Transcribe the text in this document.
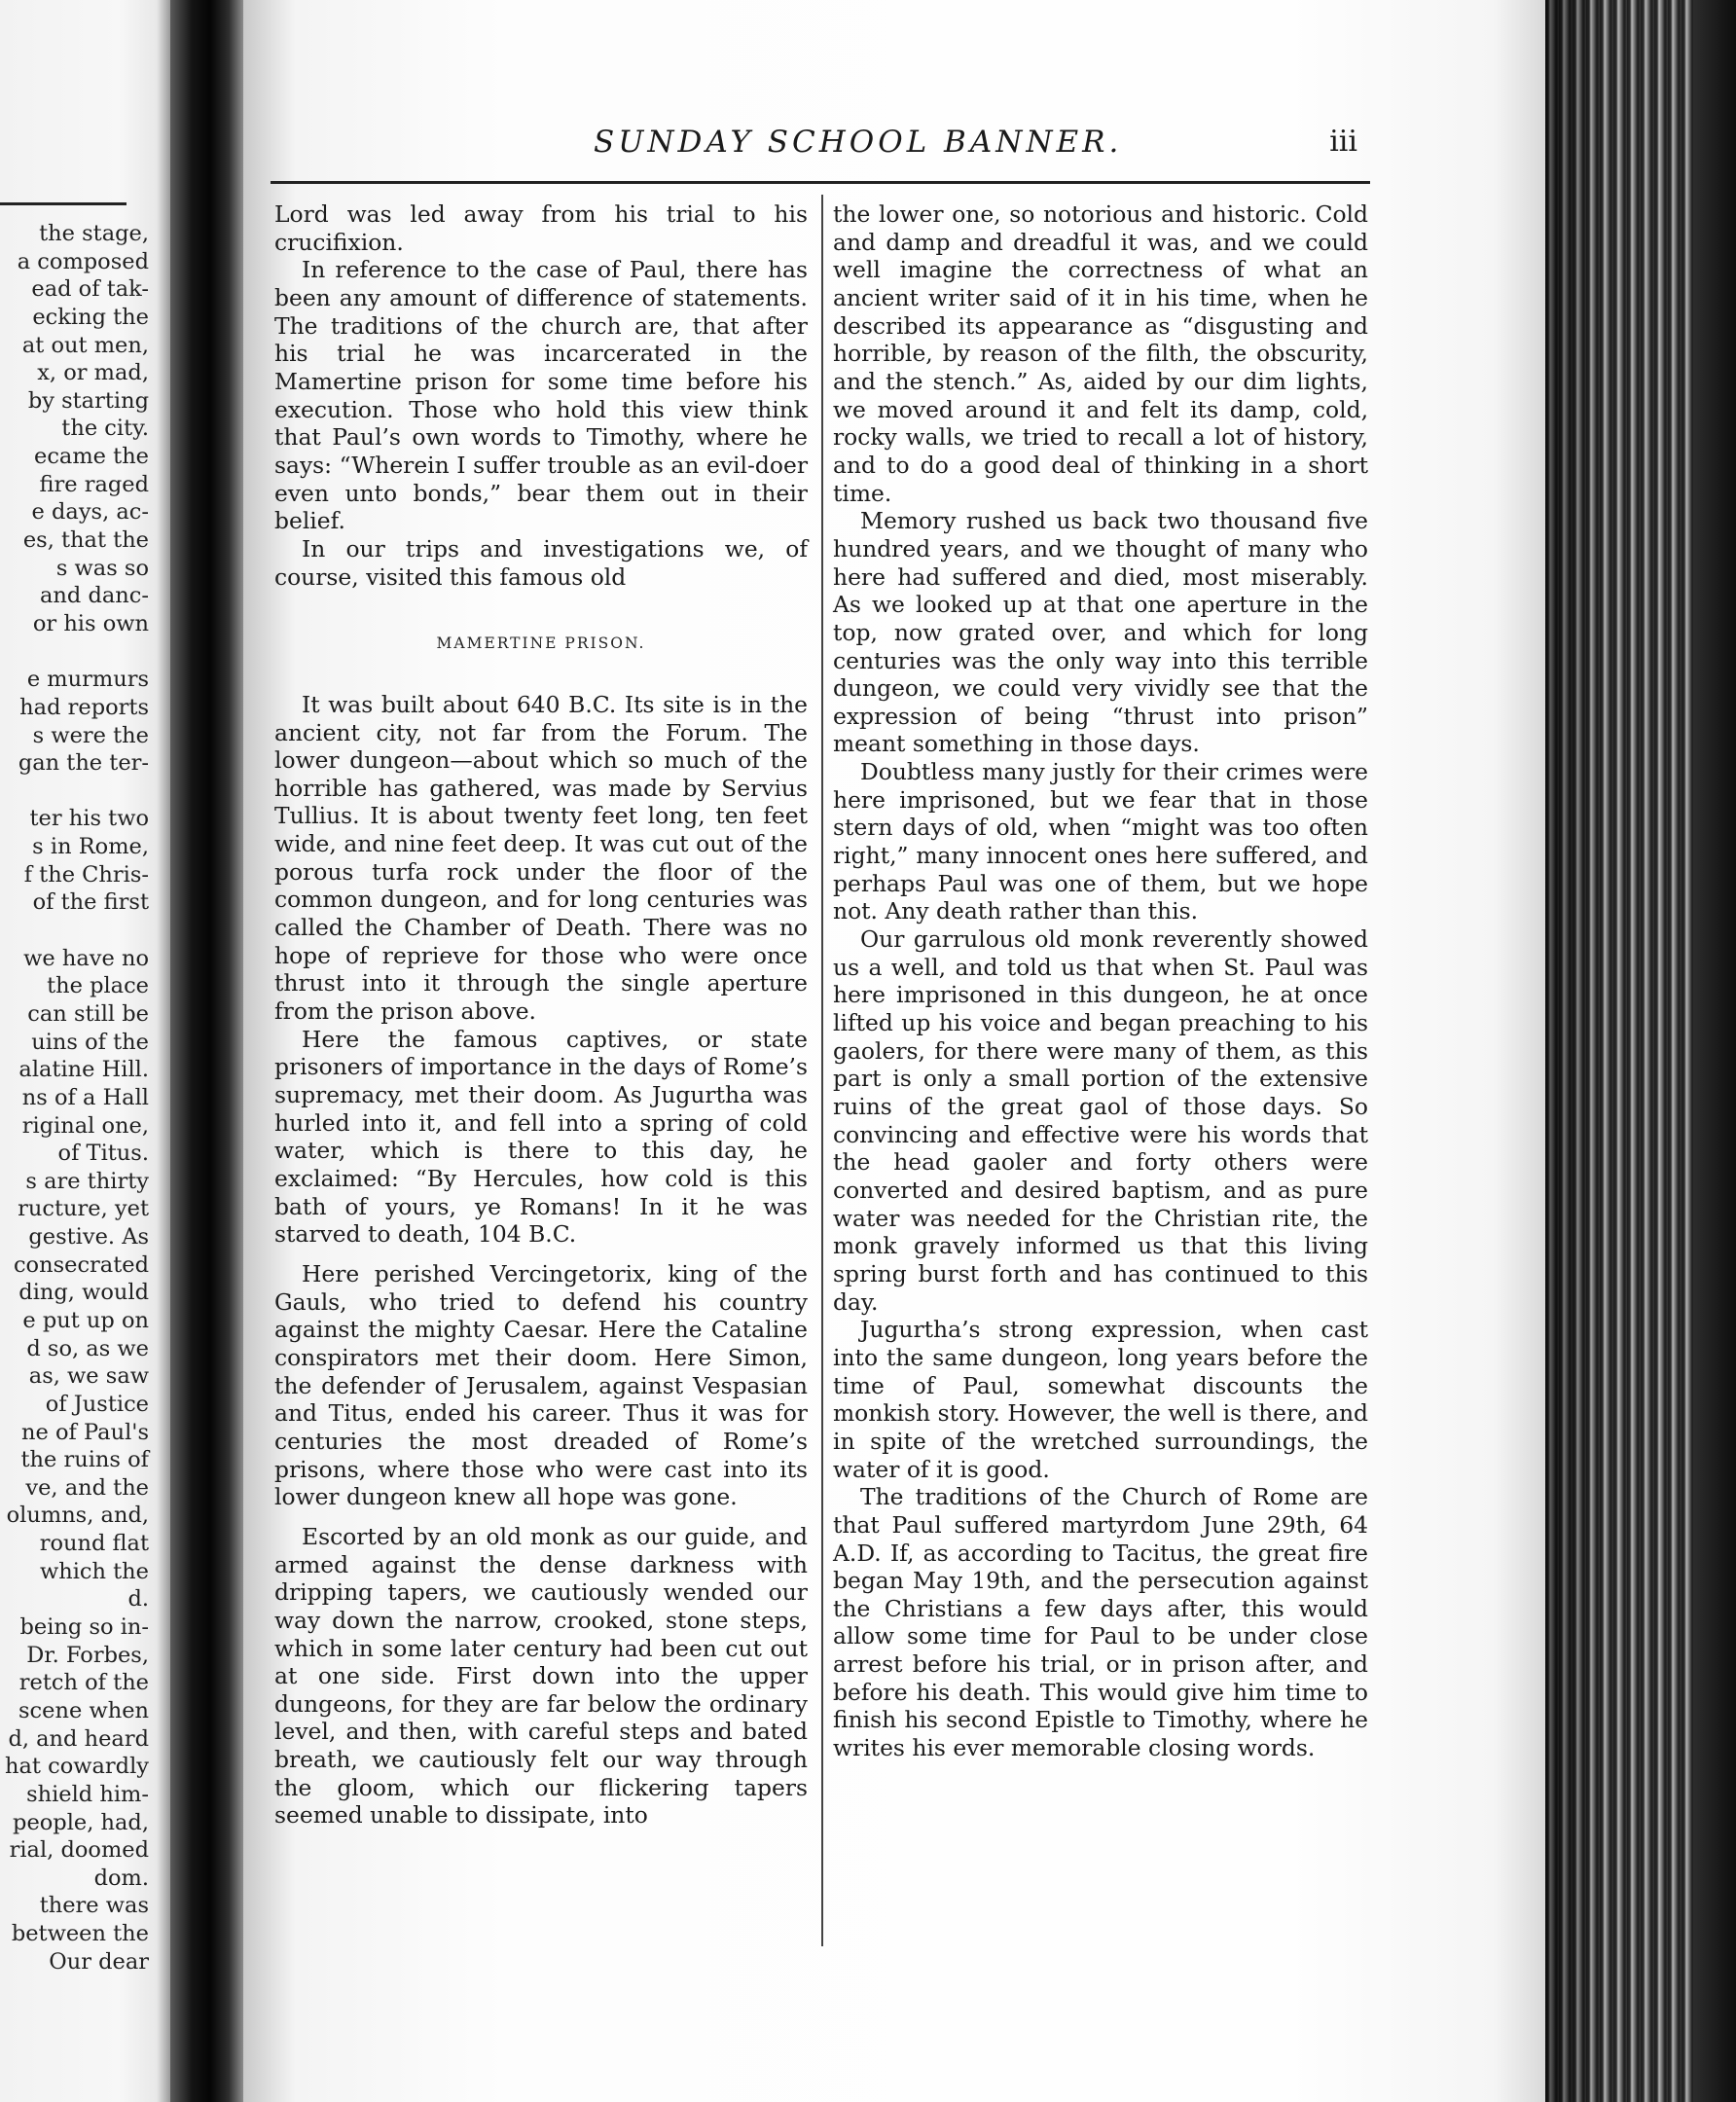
the stage,
a composed
ead of tak-
ecking the
at out men,
x, or mad,
by starting
the city.
ecame the
fire raged
e days, ac-
es, that the
s was so
and danc-
or his own
e murmurs
had reports
s were the
gan the ter-
ter his two
s in Rome,
f the Chris-
of the first
we have no
the place
can still be
uins of the
alatine Hill.
ns of a Hall
riginal one,
of Titus.
s are thirty
ructure, yet
gestive. As
consecrated
ding, would
e put up on
d so, as we
as, we saw
of Justice
ne of Paul's
the ruins of
ve, and the
olumns, and,
round flat
which the
d.
being so in-
Dr. Forbes,
retch of the
scene when
d, and heard
hat cowardly
shield him-
people, had,
rial, doomed
dom.
there was
between the
Our dear
SUNDAY SCHOOL BANNER.	iii

Lord was led away from his trial to his crucifixion.

In reference to the case of Paul, there has been any amount of difference of statements. The traditions of the church are, that after his trial he was incarcerated in the Mamertine prison for some time before his execution. Those who hold this view think that Paul’s own words to Timothy, where he says: “Wherein I suffer trouble as an evil-doer even unto bonds,” bear them out in their belief.

In our trips and investigations we, of course, visited this famous old

MAMERTINE PRISON.

It was built about 640 B.C. Its site is in the ancient city, not far from the Forum. The lower dungeon—about which so much of the horrible has gathered, was made by Servius Tullius. It is about twenty feet long, ten feet wide, and nine feet deep. It was cut out of the porous turfa rock under the floor of the common dungeon, and for long centuries was called the Chamber of Death. There was no hope of reprieve for those who were once thrust into it through the single aperture from the prison above.

Here the famous captives, or state prisoners of importance in the days of Rome’s supremacy, met their doom. As Jugurtha was hurled into it, and fell into a spring of cold water, which is there to this day, he exclaimed: “By Hercules, how cold is this bath of yours, ye Romans! In it he was starved to death, 104 B.C.

Here perished Vercingetorix, king of the Gauls, who tried to defend his country against the mighty Caesar. Here the Cataline conspirators met their doom. Here Simon, the defender of Jerusalem, against Vespasian and Titus, ended his career. Thus it was for centuries the most dreaded of Rome’s prisons, where those who were cast into its lower dungeon knew all hope was gone.

Escorted by an old monk as our guide, and armed against the dense darkness with dripping tapers, we cautiously wended our way down the narrow, crooked, stone steps, which in some later century had been cut out at one side. First down into the upper dungeons, for they are far below the ordinary level, and then, with careful steps and bated breath, we cautiously felt our way through the gloom, which our flickering tapers seemed unable to dissipate, into

the lower one, so notorious and historic. Cold and damp and dreadful it was, and we could well imagine the correctness of what an ancient writer said of it in his time, when he described its appearance as “disgusting and horrible, by reason of the filth, the obscurity, and the stench.” As, aided by our dim lights, we moved around it and felt its damp, cold, rocky walls, we tried to recall a lot of history, and to do a good deal of thinking in a short time.

Memory rushed us back two thousand five hundred years, and we thought of many who here had suffered and died, most miserably. As we looked up at that one aperture in the top, now grated over, and which for long centuries was the only way into this terrible dungeon, we could very vividly see that the expression of being “thrust into prison” meant something in those days.

Doubtless many justly for their crimes were here imprisoned, but we fear that in those stern days of old, when “might was too often right,” many innocent ones here suffered, and perhaps Paul was one of them, but we hope not. Any death rather than this.

Our garrulous old monk reverently showed us a well, and told us that when St. Paul was here imprisoned in this dungeon, he at once lifted up his voice and began preaching to his gaolers, for there were many of them, as this part is only a small portion of the extensive ruins of the great gaol of those days. So convincing and effective were his words that the head gaoler and forty others were converted and desired baptism, and as pure water was needed for the Christian rite, the monk gravely informed us that this living spring burst forth and has continued to this day.

Jugurtha’s strong expression, when cast into the same dungeon, long years before the time of Paul, somewhat discounts the monkish story. However, the well is there, and in spite of the wretched surroundings, the water of it is good.

The traditions of the Church of Rome are that Paul suffered martyrdom June 29th, 64 A.D. If, as according to Tacitus, the great fire began May 19th, and the persecution against the Christians a few days after, this would allow some time for Paul to be under close arrest before his trial, or in prison after, and before his death. This would give him time to finish his second Epistle to Timothy, where he writes his ever memorable closing words.
